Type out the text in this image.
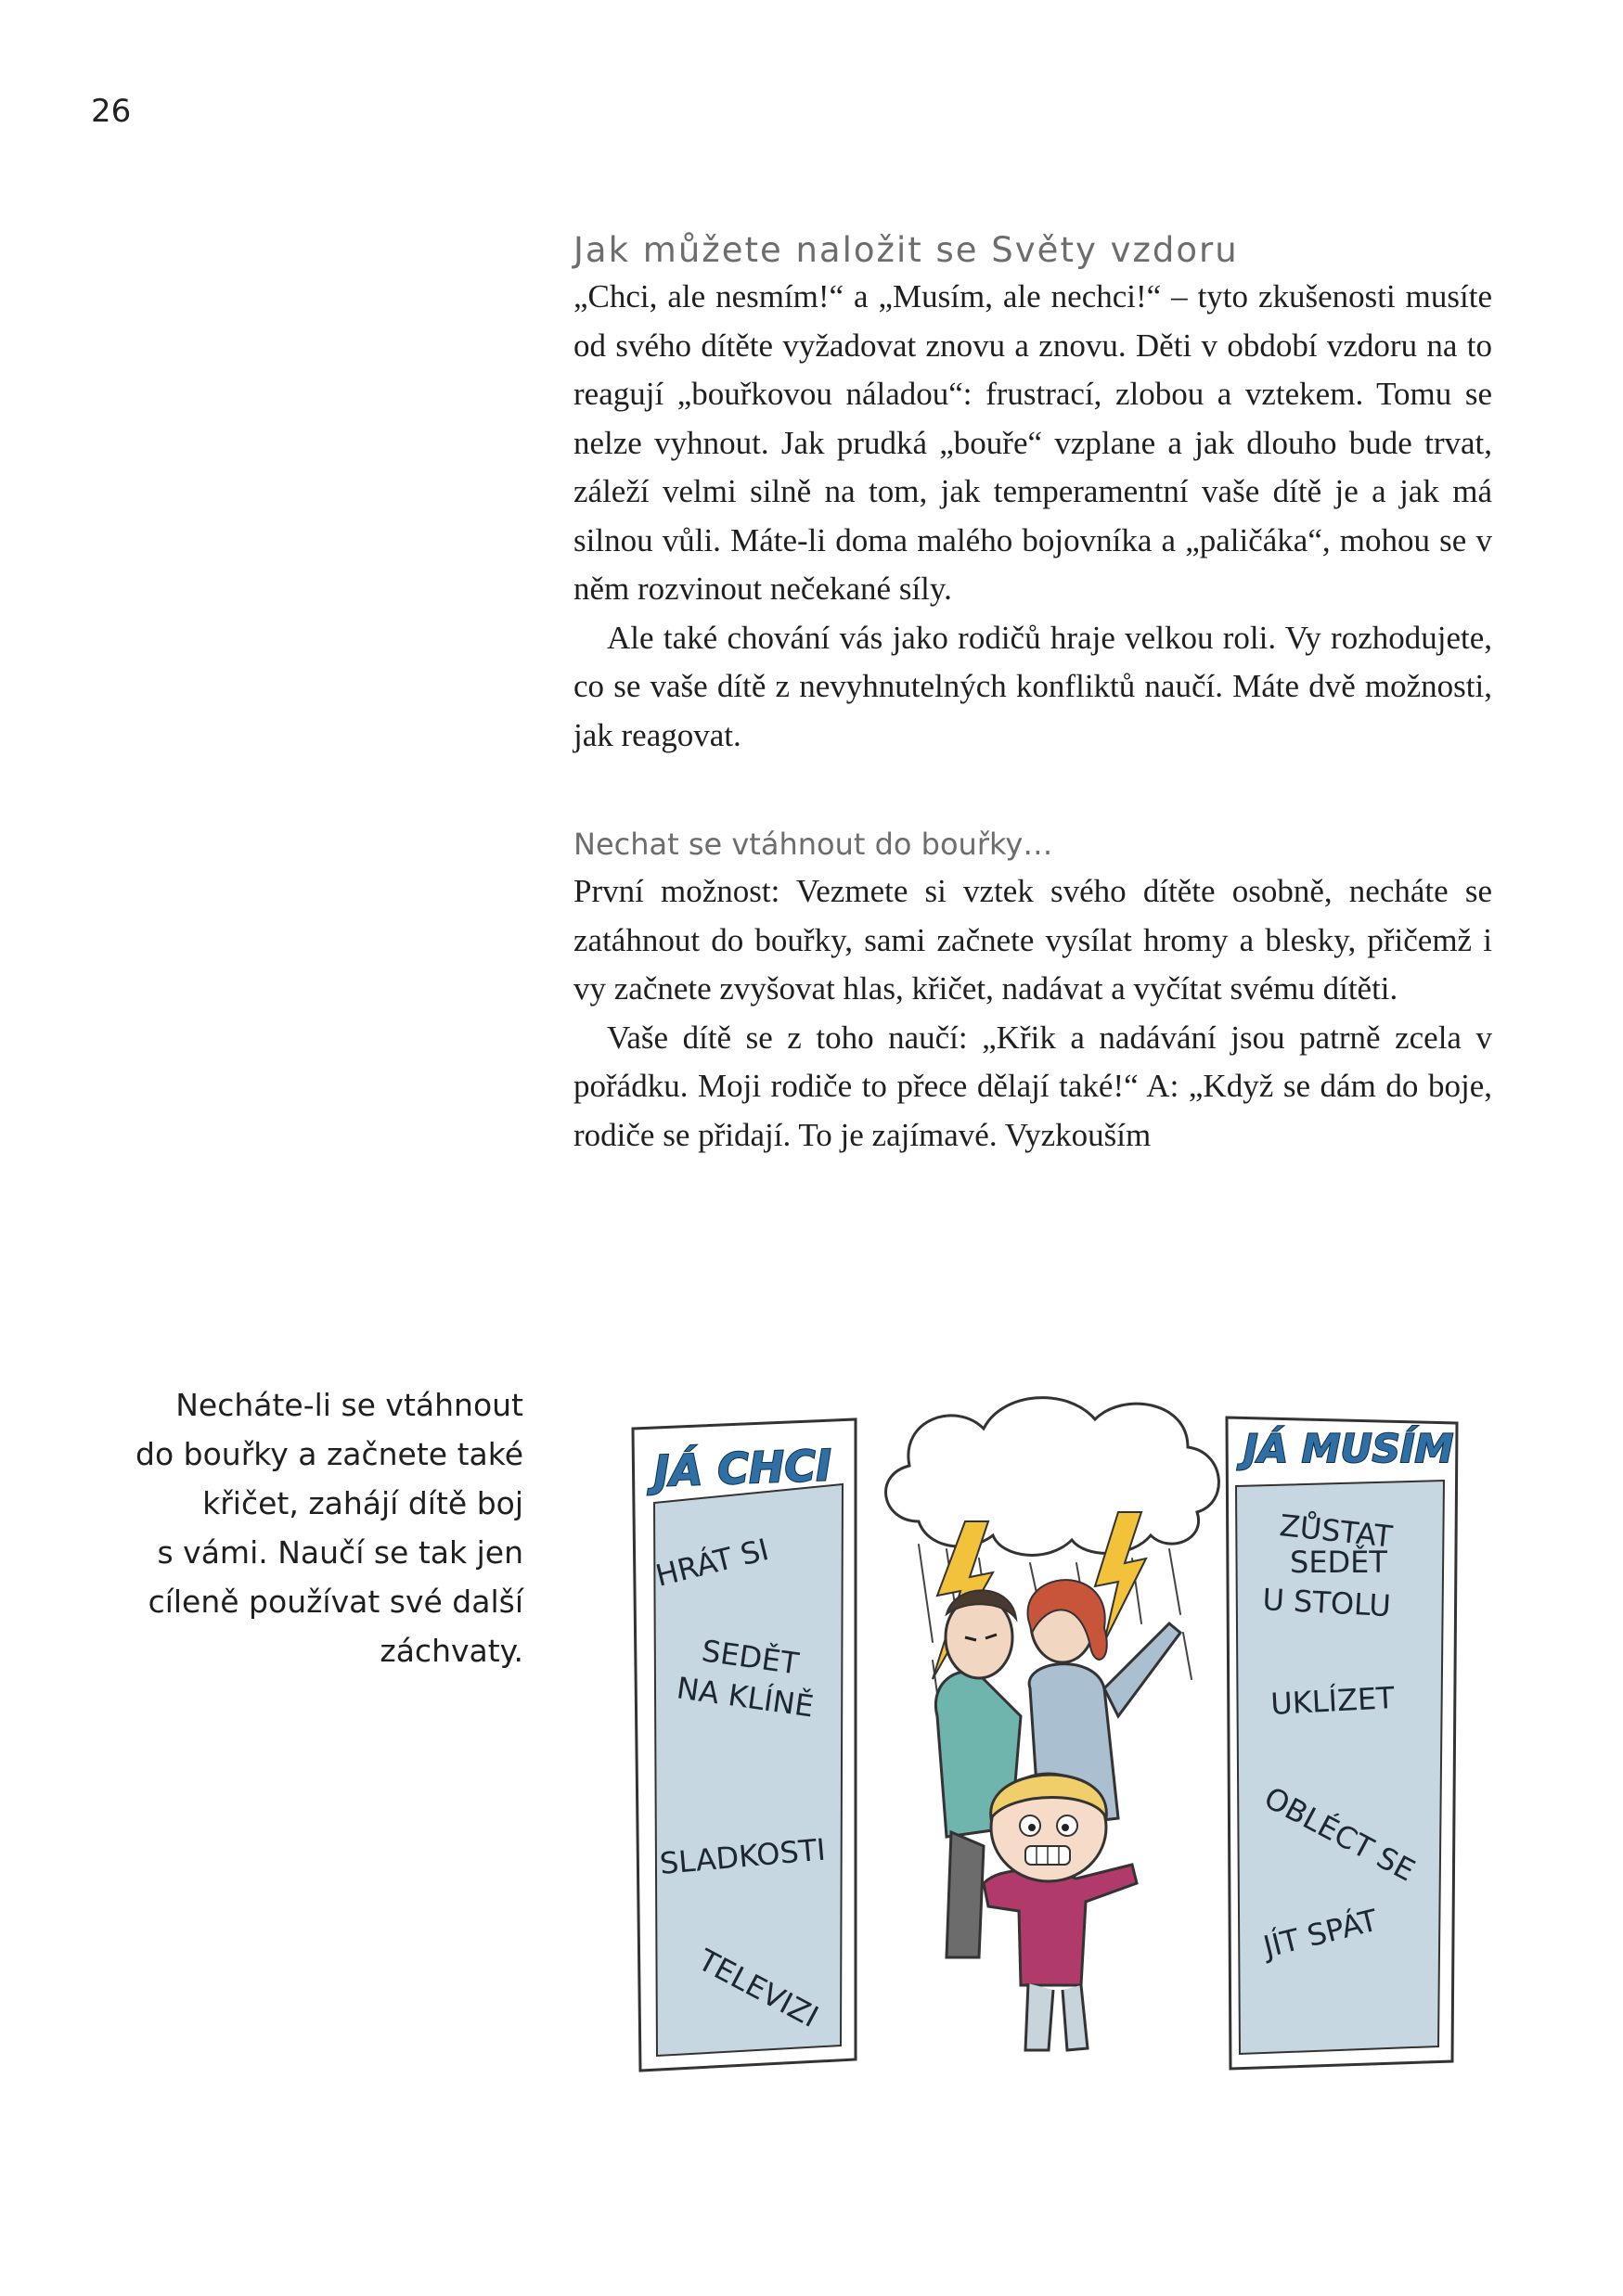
26
Jak můžete naložit se Světy vzdoru

„Chci, ale nesmím!“ a „Musím, ale nechci!“ – tyto zkušenosti musíte od svého dítěte vyžadovat znovu a znovu. Děti v období vzdoru na to reagují „bouřkovou náladou“: frustrací, zlobou a vztekem. Tomu se nelze vyhnout. Jak prudká „bouře“ vzplane a jak dlouho bude trvat, záleží velmi silně na tom, jak temperamentní vaše dítě je a jak má silnou vůli. Máte-li doma malého bojovníka a „paličáka“, mohou se v něm rozvinout nečekané síly.

Ale také chování vás jako rodičů hraje velkou roli. Vy rozhodujete, co se vaše dítě z nevyhnutelných konfliktů naučí. Máte dvě možnosti, jak reagovat.

Nechat se vtáhnout do bouřky…

První možnost: Vezmete si vztek svého dítěte osobně, necháte se zatáhnout do bouřky, sami začnete vysílat hromy a blesky, přičemž i vy začnete zvyšovat hlas, křičet, nadávat a vyčítat svému dítěti.

Vaše dítě se z toho naučí: „Křik a nadávání jsou patrně zcela v pořádku. Moji rodiče to přece dělají také!“ A: „Když se dám do boje, rodiče se přidají. To je zajímavé. Vyzkouším

Necháte-li se vtáhnout
do bouřky a začnete také
křičet, zahájí dítě boj
s vámi. Naučí se tak jen
cíleně používat své další
záchvaty.

JÁ CHCI
HRÁT SI
SEDĚT
NA KLÍNĚ
SLADKOSTI
TELEVIZI
JÁ MUSÍM
ZŮSTAT
SEDĚT
U STOLU
UKLÍZET
OBLÉCT SE
JÍT SPÁT
